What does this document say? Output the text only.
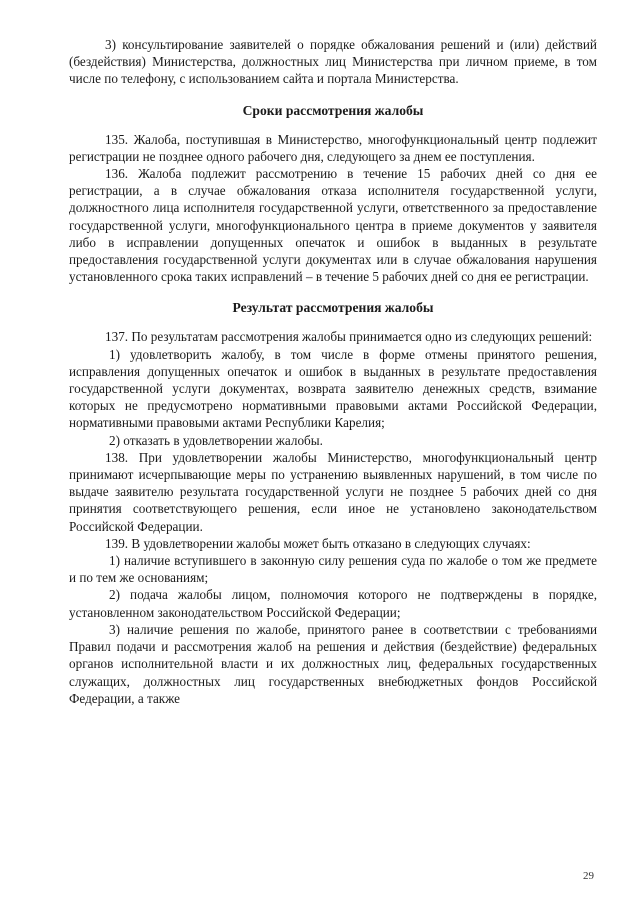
3) консультирование заявителей о порядке обжалования решений и (или) действий (бездействия) Министерства, должностных лиц Министерства при личном приеме, в том числе по телефону, с использованием сайта и портала Министерства.

Сроки рассмотрения жалобы

135. Жалоба, поступившая в Министерство, многофункциональный центр подлежит регистрации не позднее одного рабочего дня, следующего за днем ее поступления.

136. Жалоба подлежит рассмотрению в течение 15 рабочих дней со дня ее регистрации, а в случае обжалования отказа исполнителя государственной услуги, должностного лица исполнителя государственной услуги, ответственного за предоставление государственной услуги, многофункционального центра в приеме документов у заявителя либо в исправлении допущенных опечаток и ошибок в выданных в результате предоставления государственной услуги документах или в случае обжалования нарушения установленного срока таких исправлений – в течение 5 рабочих дней со дня ее регистрации.

Результат рассмотрения жалобы

137. По результатам рассмотрения жалобы принимается одно из следующих решений:

1) удовлетворить жалобу, в том числе в форме отмены принятого решения, исправления допущенных опечаток и ошибок в выданных в результате предоставления государственной услуги документах, возврата заявителю денежных средств, взимание которых не предусмотрено нормативными правовыми актами Российской Федерации, нормативными правовыми актами Республики Карелия;

2) отказать в удовлетворении жалобы.

138. При удовлетворении жалобы Министерство, многофункциональный центр принимают исчерпывающие меры по устранению выявленных нарушений, в том числе по выдаче заявителю результата государственной услуги не позднее 5 рабочих дней со дня принятия соответствующего решения, если иное не установлено законодательством Российской Федерации.

139. В удовлетворении жалобы может быть отказано в следующих случаях:

1) наличие вступившего в законную силу решения суда по жалобе о том же предмете и по тем же основаниям;

2) подача жалобы лицом, полномочия которого не подтверждены в порядке, установленном законодательством Российской Федерации;

3) наличие решения по жалобе, принятого ранее в соответствии с требованиями Правил подачи и рассмотрения жалоб на решения и действия (бездействие) федеральных органов исполнительной власти и их должностных лиц, федеральных государственных служащих, должностных лиц государственных внебюджетных фондов Российской Федерации, а также

29
